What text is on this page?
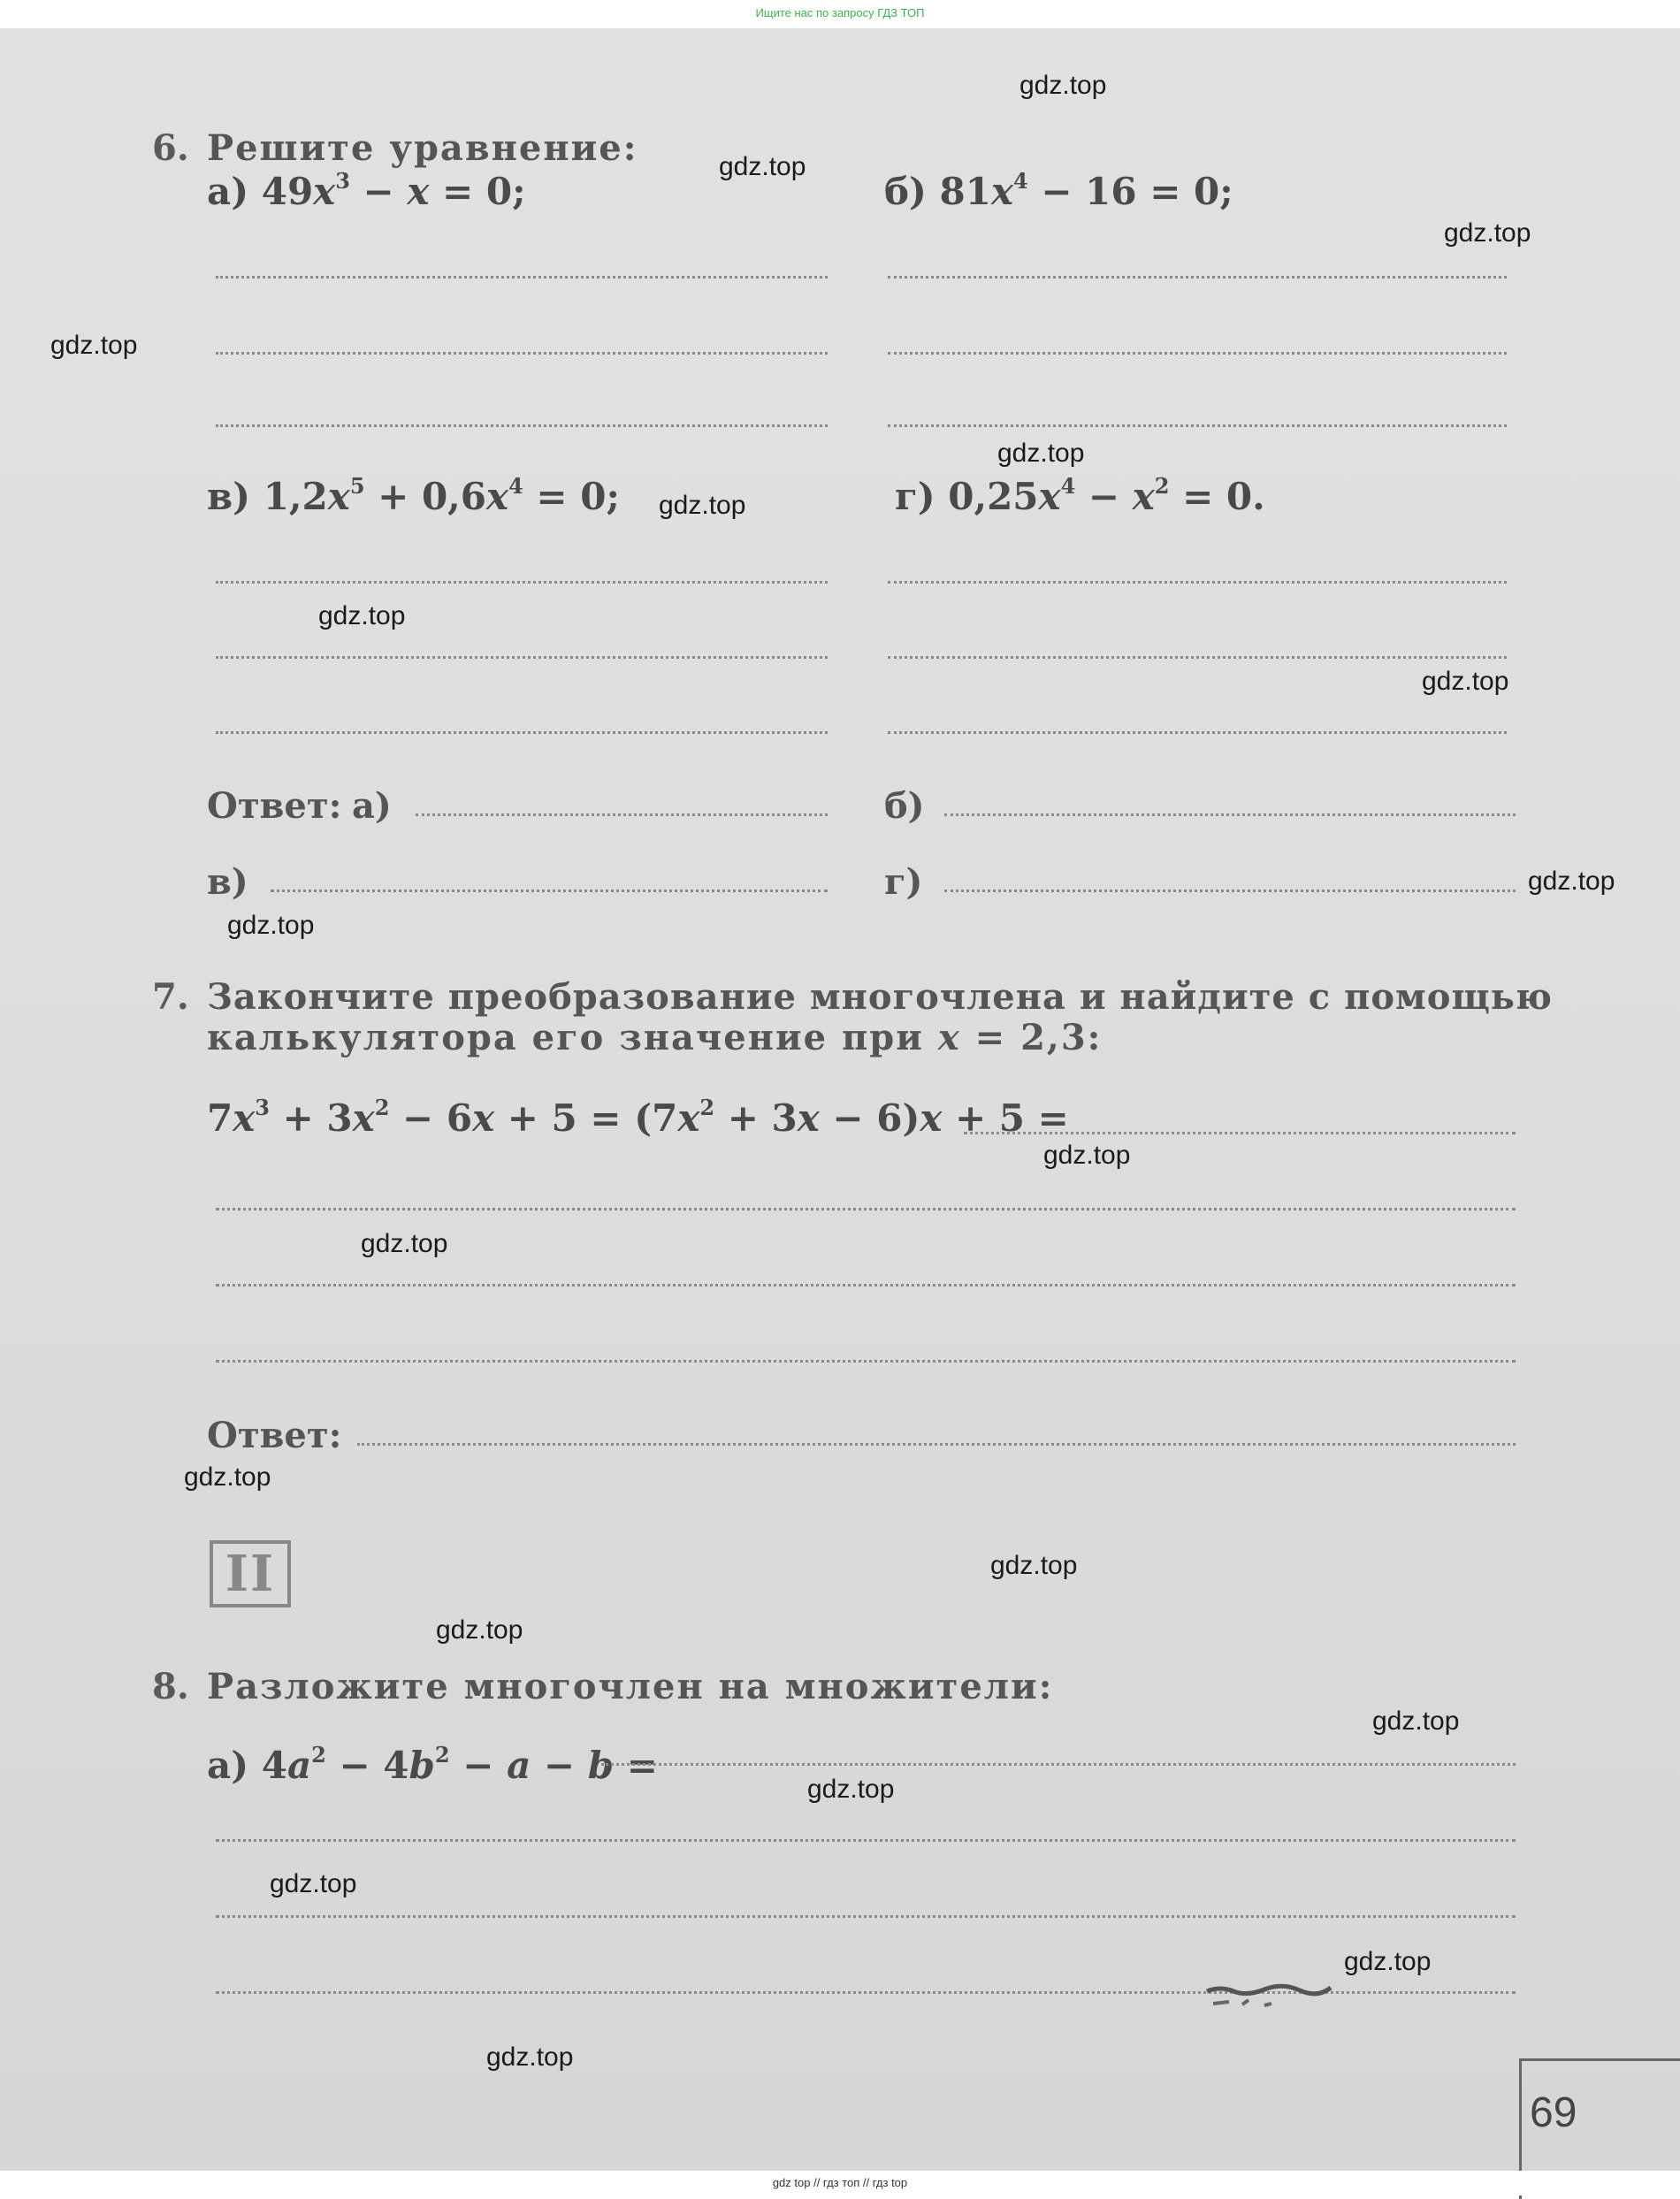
Ищите нас по запросу ГДЗ ТОП
6. Решите уравнение:
а) $49x^3 - x = 0$;	б) $81x^4 - 16 = 0$;
в) $1,2x^5 + 0,6x^4 = 0$;	г) $0,25x^4 - x^2 = 0$.
Ответ: а)	б)
в)	г)
7. Закончите преобразование многочлена и найдите с помощью
калькулятора его значение при x = 2,3:
$7x^3 + 3x^2 - 6x + 5 = (7x^2 + 3x - 6)x + 5$ =
Ответ:
II
8. Разложите многочлен на множители:
а) $4a^2 - 4b^2 - a - b$ =
69
gdz.top
gdz.top
gdz.top
gdz.top
gdz.top
gdz.top
gdz.top
gdz.top
gdz.top
gdz.top
gdz.top
gdz.top
gdz.top
gdz.top
gdz.top
gdz.top
gdz.top
gdz.top
gdz.top
gdz.top
gdz top // гдз топ // гдз top
